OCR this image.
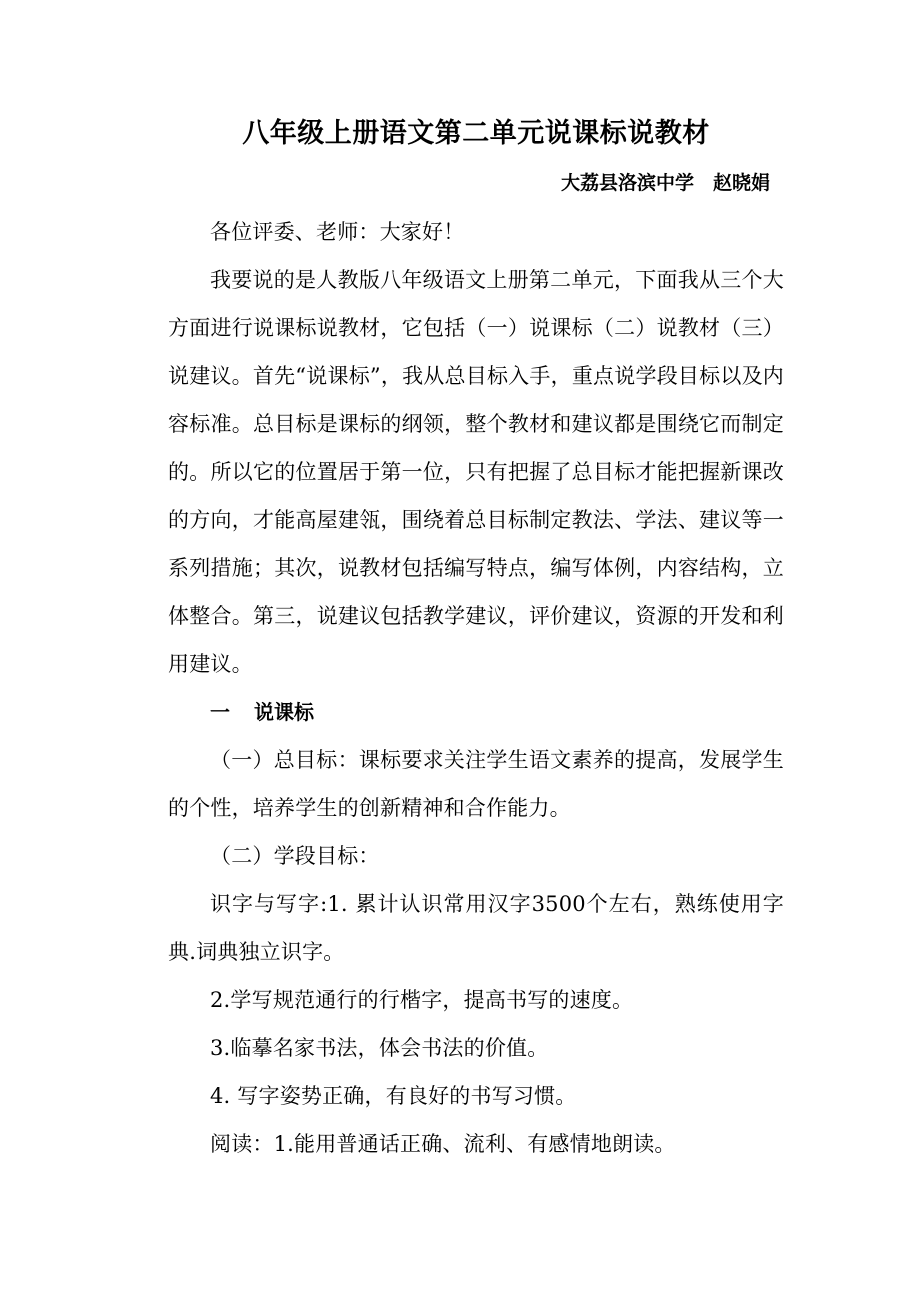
八年级上册语文第二单元说课标说教材

大荔县洛滨中学　赵晓娟

各位评委、老师：大家好！

我要说的是人教版八年级语文上册第二单元，下面我从三个大方面进行说课标说教材，它包括（一）说课标（二）说教材（三）说建议。首先“说课标”，我从总目标入手，重点说学段目标以及内容标准。总目标是课标的纲领，整个教材和建议都是围绕它而制定的。所以它的位置居于第一位，只有把握了总目标才能把握新课改的方向，才能高屋建瓴，围绕着总目标制定教法、学法、建议等一系列措施；其次，说教材包括编写特点，编写体例，内容结构，立体整合。第三，说建议包括教学建议，评价建议，资源的开发和利用建议。

一 说课标

（一）总目标：课标要求关注学生语文素养的提高，发展学生的个性，培养学生的创新精神和合作能力。

（二）学段目标：

识字与写字:1. 累计认识常用汉字3500个左右，熟练使用字典.词典独立识字。

2.学写规范通行的行楷字，提高书写的速度。

3.临摹名家书法，体会书法的价值。

4. 写字姿势正确，有良好的书写习惯。

阅读：1.能用普通话正确、流利、有感情地朗读。
